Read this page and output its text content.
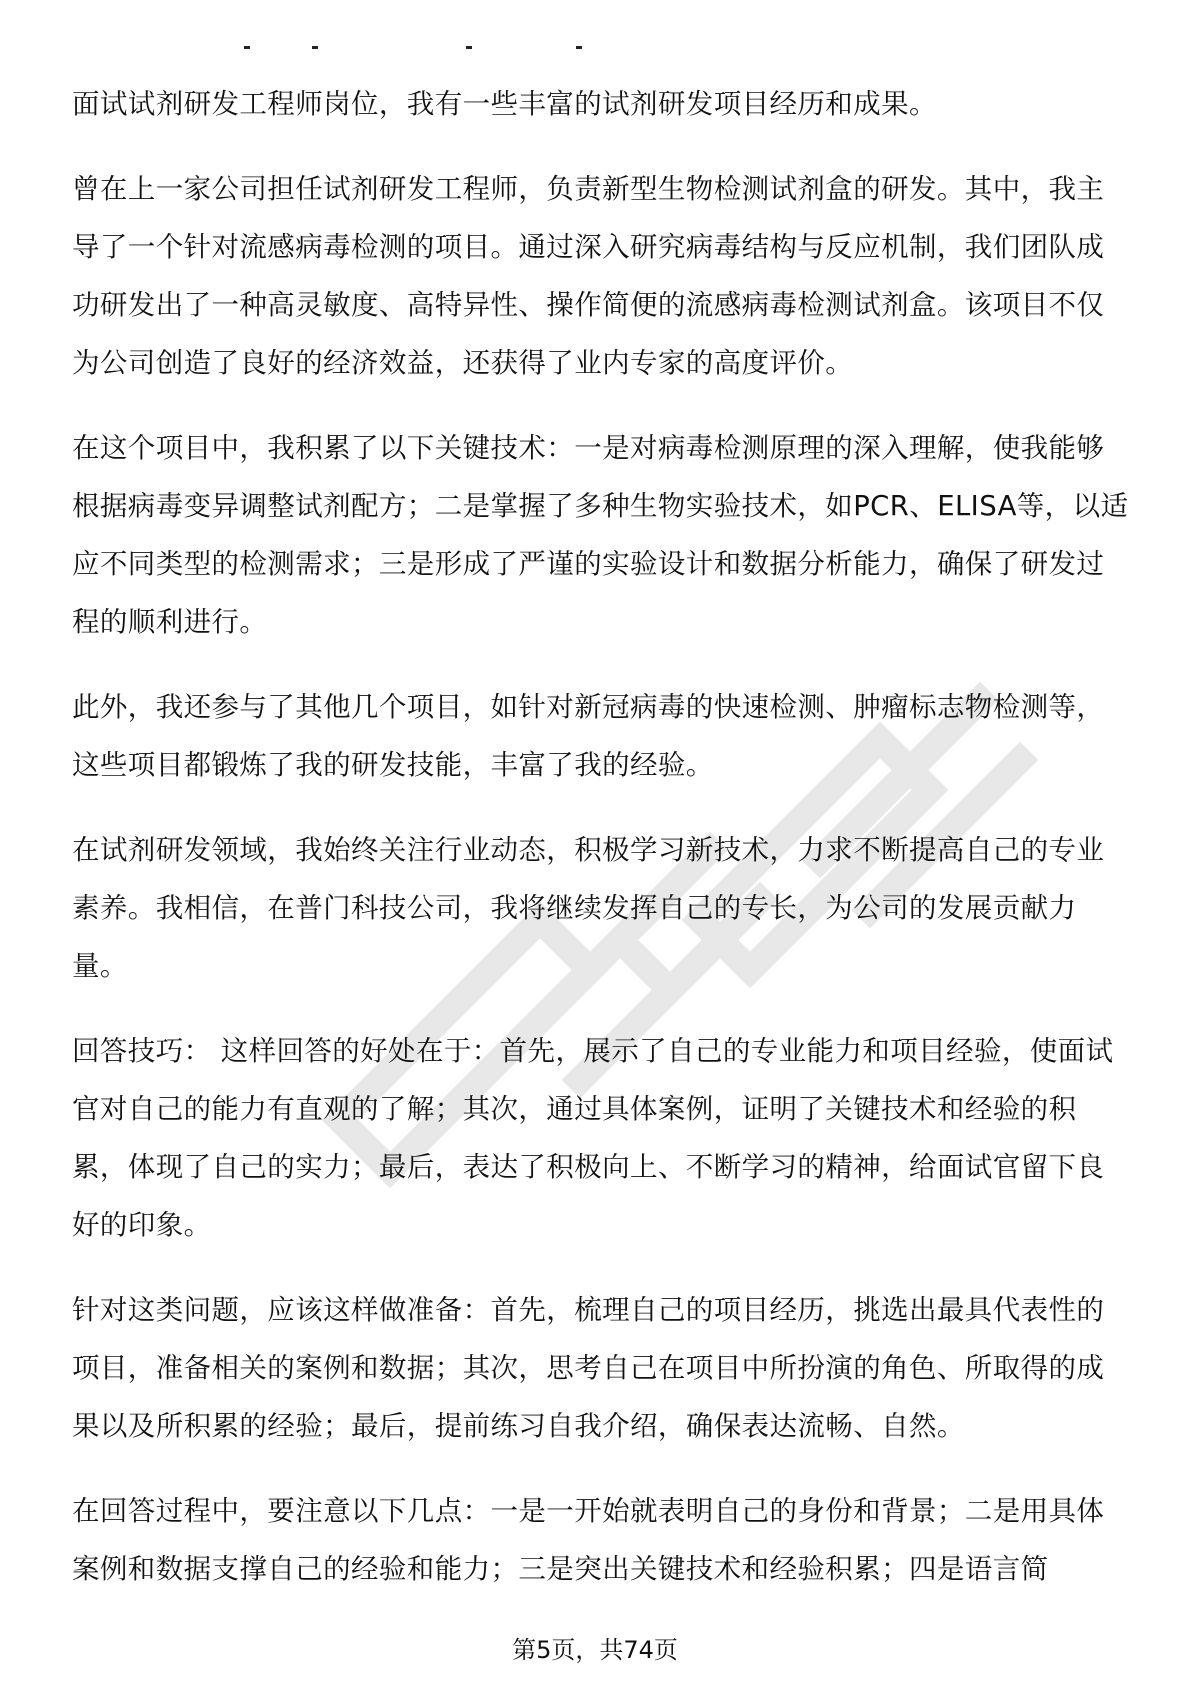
面试试剂研发工程师岗位，我有一些丰富的试剂研发项目经历和成果。

曾在上一家公司担任试剂研发工程师，负责新型生物检测试剂盒的研发。其中，我主导了一个针对流感病毒检测的项目。通过深入研究病毒结构与反应机制，我们团队成功研发出了一种高灵敏度、高特异性、操作简便的流感病毒检测试剂盒。该项目不仅为公司创造了良好的经济效益，还获得了业内专家的高度评价。

在这个项目中，我积累了以下关键技术：一是对病毒检测原理的深入理解，使我能够根据病毒变异调整试剂配方；二是掌握了多种生物实验技术，如PCR、ELISA等，以适应不同类型的检测需求；三是形成了严谨的实验设计和数据分析能力，确保了研发过程的顺利进行。

此外，我还参与了其他几个项目，如针对新冠病毒的快速检测、肿瘤标志物检测等，这些项目都锻炼了我的研发技能，丰富了我的经验。

在试剂研发领域，我始终关注行业动态，积极学习新技术，力求不断提高自己的专业素养。我相信，在普门科技公司，我将继续发挥自己的专长，为公司的发展贡献力量。

回答技巧： 这样回答的好处在于：首先，展示了自己的专业能力和项目经验，使面试官对自己的能力有直观的了解；其次，通过具体案例，证明了关键技术和经验的积累，体现了自己的实力；最后，表达了积极向上、不断学习的精神，给面试官留下良好的印象。

针对这类问题，应该这样做准备：首先，梳理自己的项目经历，挑选出最具代表性的项目，准备相关的案例和数据；其次，思考自己在项目中所扮演的角色、所取得的成果以及所积累的经验；最后，提前练习自我介绍，确保表达流畅、自然。

在回答过程中，要注意以下几点：一是一开始就表明自己的身份和背景；二是用具体案例和数据支撑自己的经验和能力；三是突出关键技术和经验积累；四是语言简

第5页，共74页
